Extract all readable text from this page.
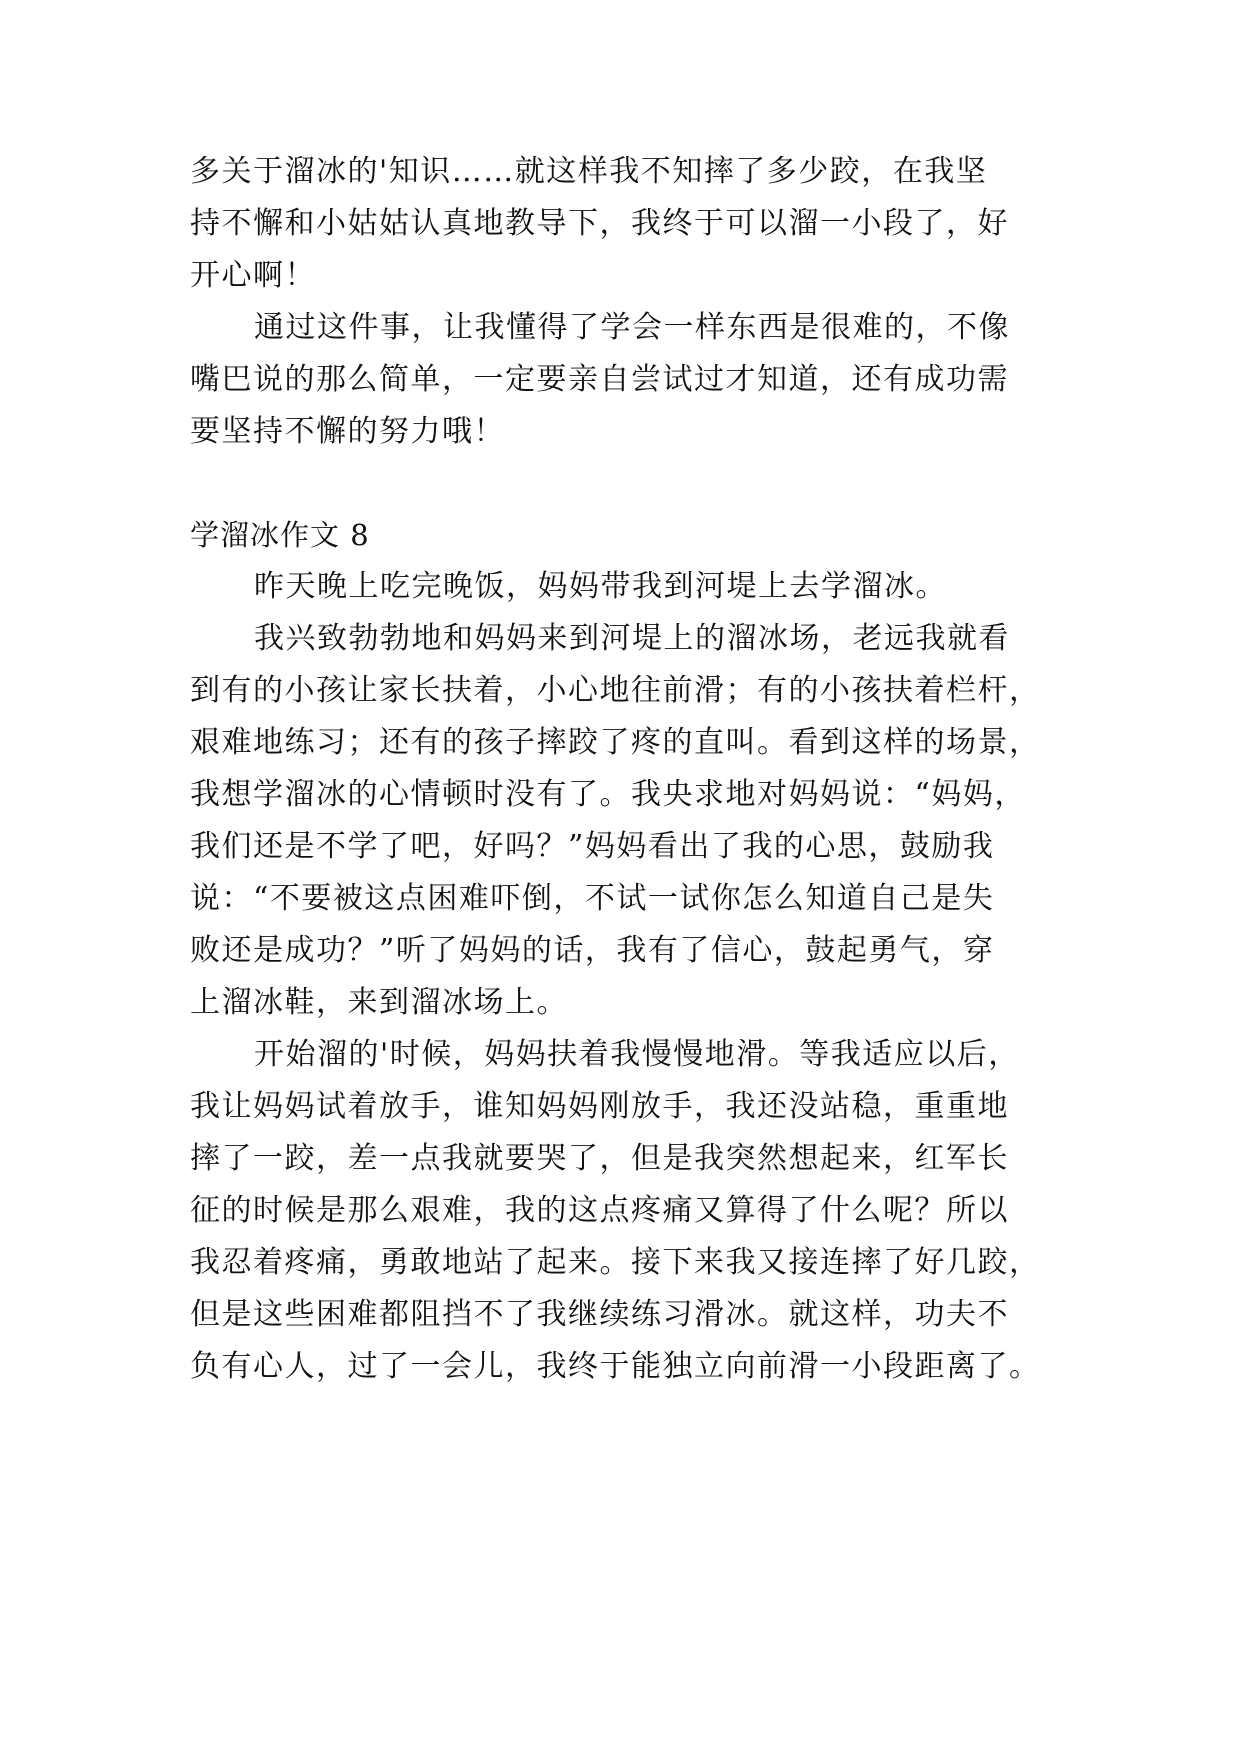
多关于溜冰的'知识……就这样我不知摔了多少跤，在我坚
持不懈和小姑姑认真地教导下，我终于可以溜一小段了，好
开心啊！
通过这件事，让我懂得了学会一样东西是很难的，不像
嘴巴说的那么简单，一定要亲自尝试过才知道，还有成功需
要坚持不懈的努力哦！
学溜冰作文 8
昨天晚上吃完晚饭，妈妈带我到河堤上去学溜冰。
我兴致勃勃地和妈妈来到河堤上的溜冰场，老远我就看
到有的小孩让家长扶着，小心地往前滑；有的小孩扶着栏杆，
艰难地练习；还有的孩子摔跤了疼的直叫。看到这样的场景，
我想学溜冰的心情顿时没有了。我央求地对妈妈说：“妈妈，
我们还是不学了吧，好吗？”妈妈看出了我的心思，鼓励我
说：“不要被这点困难吓倒，不试一试你怎么知道自己是失
败还是成功？”听了妈妈的话，我有了信心，鼓起勇气，穿
上溜冰鞋，来到溜冰场上。
开始溜的'时候，妈妈扶着我慢慢地滑。等我适应以后，
我让妈妈试着放手，谁知妈妈刚放手，我还没站稳，重重地
摔了一跤，差一点我就要哭了，但是我突然想起来，红军长
征的时候是那么艰难，我的这点疼痛又算得了什么呢？所以
我忍着疼痛，勇敢地站了起来。接下来我又接连摔了好几跤，
但是这些困难都阻挡不了我继续练习滑冰。就这样，功夫不
负有心人，过了一会儿，我终于能独立向前滑一小段距离了。
